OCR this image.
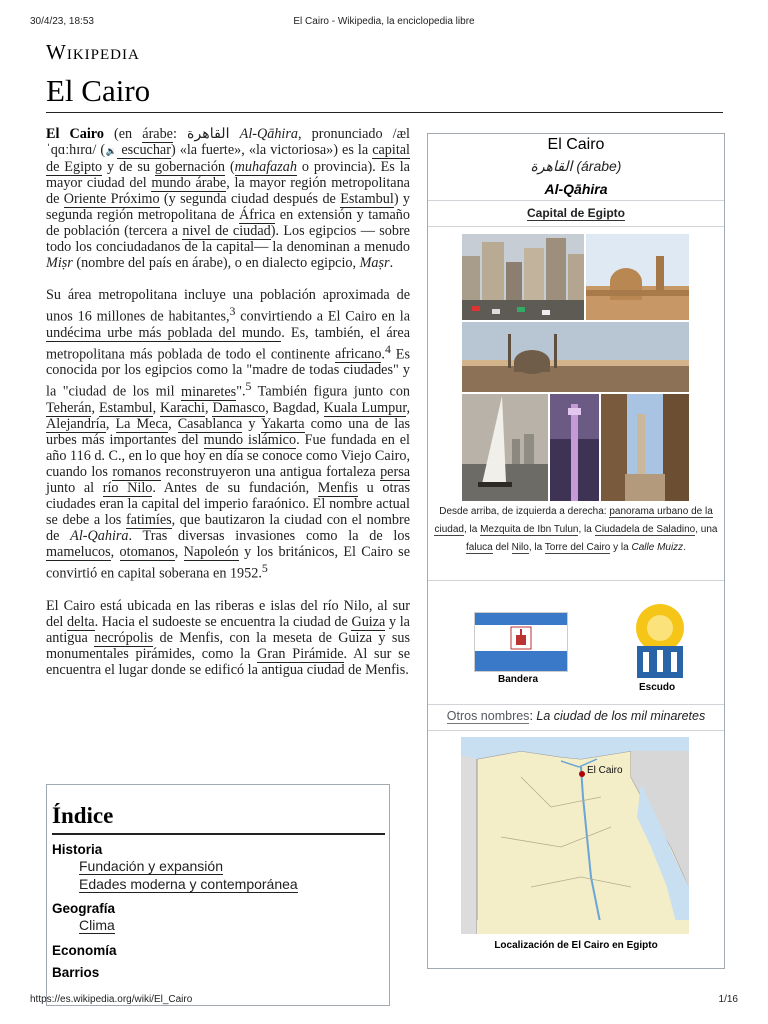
30/4/23, 18:53	El Cairo - Wikipedia, la enciclopedia libre
Wikipedia
El Cairo

El Cairo (en árabe: القاهرة Al-Qāhira, pronunciado /æl ˈqɑːhɪrɑ/ (🔉 escuchar) «la fuerte», «la victoriosa») es la capital de Egipto y de su gobernación (muhafazah o provincia). Es la mayor ciudad del mundo árabe, la mayor región metropolitana de Oriente Próximo (y segunda ciudad después de Estambul) y segunda región metropolitana de África en extensión y tamaño de población (tercera a nivel de ciudad). Los egipcios — sobre todo los conciudadanos de la capital— la denominan a menudo Miṣr (nombre del país en árabe), o en dialecto egipcio, Maṣr.

Su área metropolitana incluye una población aproximada de unos 16 millones de habitantes,$^3$ convirtiendo a El Cairo en la undécima urbe más poblada del mundo. Es, también, el área metropolitana más poblada de todo el continente africano.$^4$ Es conocida por los egipcios como la "madre de todas ciudades" y la "ciudad de los mil minaretes".$^5$ También figura junto con Teherán, Estambul, Karachi, Damasco, Bagdad, Kuala Lumpur, Alejandría, La Meca, Casablanca y Yakarta como una de las urbes más importantes del mundo islámico. Fue fundada en el año 116 d. C., en lo que hoy en día se conoce como Viejo Cairo, cuando los romanos reconstruyeron una antigua fortaleza persa junto al río Nilo. Antes de su fundación, Menfis u otras ciudades eran la capital del imperio faraónico. El nombre actual se debe a los fatimíes, que bautizaron la ciudad con el nombre de Al-Qahira. Tras diversas invasiones como la de los mamelucos, otomanos, Napoleón y los británicos, El Cairo se convirtió en capital soberana en 1952.$^5$

El Cairo está ubicada en las riberas e islas del río Nilo, al sur del delta. Hacia el sudoeste se encuentra la ciudad de Guiza y la antigua necrópolis de Menfis, con la meseta de Guiza y sus monumentales pirámides, como la Gran Pirámide. Al sur se encuentra el lugar donde se edificó la antigua ciudad de Menfis.

Índice
Historia
Fundación y expansión
Edades moderna y contemporánea
Geografía
Clima
Economía
Barrios
El Cairo
القاهرة (árabe)
Al-Qāhira
Capital de Egipto
Desde arriba, de izquierda a derecha: panorama urbano de la ciudad, la Mezquita de Ibn Tulun, la Ciudadela de Saladino, una faluca del Nilo, la Torre del Cairo y la Calle Muizz.
Bandera
Escudo
Otros nombres: La ciudad de los mil minaretes
El Cairo
Localización de El Cairo en Egipto
https://es.wikipedia.org/wiki/El_Cairo	1/16
